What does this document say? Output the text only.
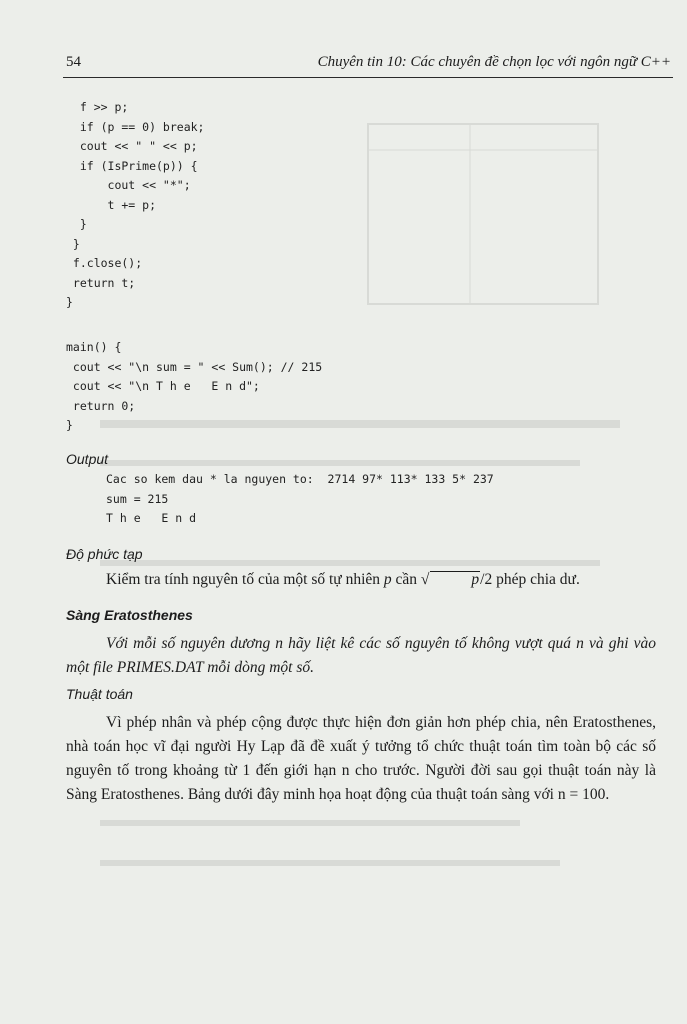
54	Chuyên tin 10: Các chuyên đề chọn lọc với ngôn ngữ C++
f >> p;
if (p == 0) break;
cout << " " << p;
if (IsPrime(p)) {
cout << "*";
t += p;
}
}
f.close();
return t;
}
main() {
cout << "\n sum = " << Sum(); // 215
cout << "\n T h e   E n d";
return 0;
}
Output
Cac so kem dau * la nguyen to:  2714 97* 113* 133 5* 237
sum = 215
T h e   E n d
Độ phức tạp
Kiểm tra tính nguyên tố của một số tự nhiên p cần √	p/2 phép chia dư.
Sàng Eratosthenes
Với mỗi số nguyên dương n hãy liệt kê các số nguyên tố không vượt quá n và ghi vào một file PRIMES.DAT mỗi dòng một số.
Thuật toán
Vì phép nhân và phép cộng được thực hiện đơn giản hơn phép chia, nên Eratosthenes, nhà toán học vĩ đại người Hy Lạp đã đề xuất ý tưởng tổ chức thuật toán tìm toàn bộ các số nguyên tố trong khoảng từ 1 đến giới hạn n cho trước. Người đời sau gọi thuật toán này là Sàng Eratosthenes. Bảng dưới đây minh họa hoạt động của thuật toán sàng với n = 100.
